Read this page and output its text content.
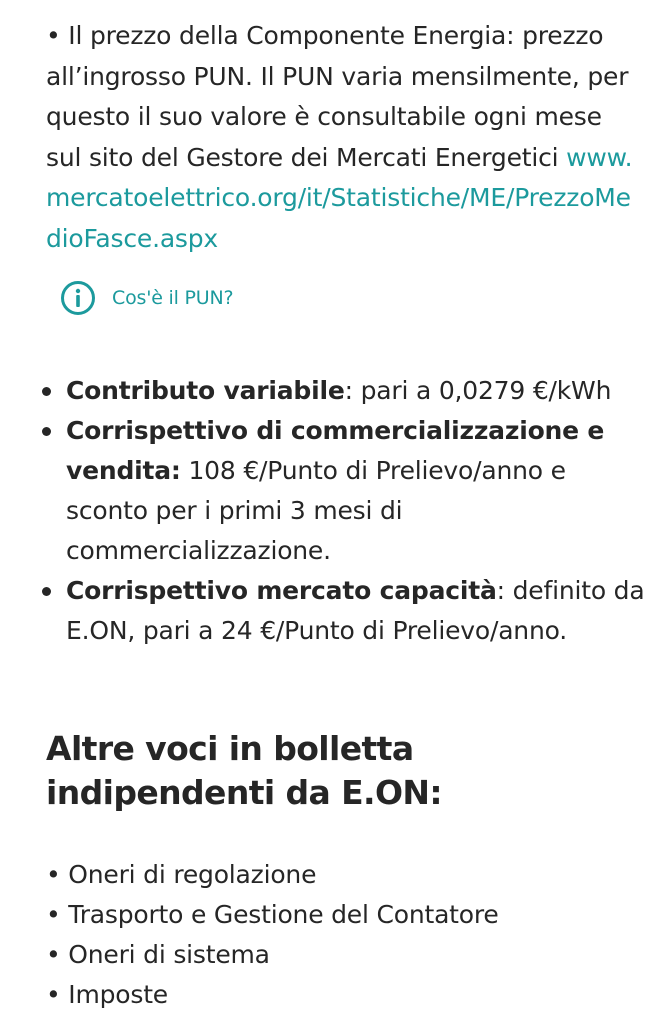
• Il prezzo della Componente Energia: prezzo all’ingrosso PUN. Il PUN varia mensilmente, per questo il suo valore è consultabile ogni mese sul sito del Gestore dei Mercati Energetici www.mercatoelettrico.org/it/Statistiche/ME/PrezzoMedioFasce.aspx

Cos'è il PUN?
Contributo variabile: pari a 0,0279 €/kWh
Corrispettivo di commercializzazione e vendita: 108 €/Punto di Prelievo/anno e sconto per i primi 3 mesi di commercializzazione.
Corrispettivo mercato capacità: definito da E.ON, pari a 24 €/Punto di Prelievo/anno.
Altre voci in bolletta indipendenti da E.ON:
• Oneri di regolazione
• Trasporto e Gestione del Contatore
• Oneri di sistema
• Imposte
